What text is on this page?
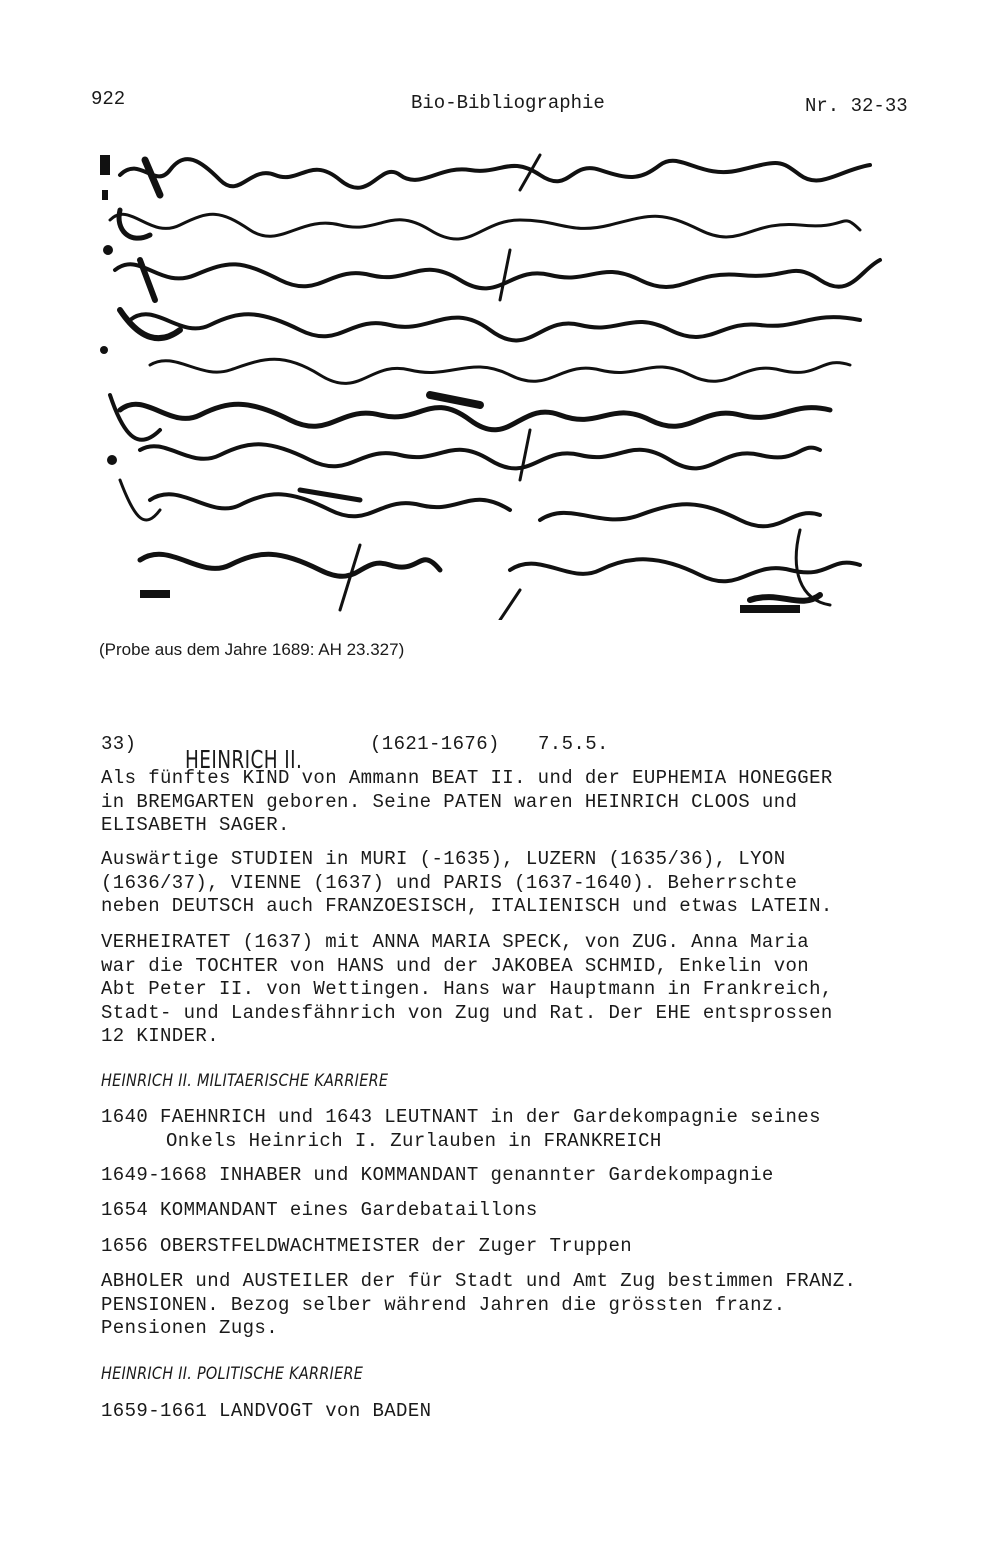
922	Bio-Bibliographie	Nr. 32-33
(Probe aus dem Jahre 1689: AH 23.327)
33)

HEINRICH II.

(1621-1676) 7.5.5.
Als fünftes KIND von Ammann BEAT II. und der EUPHEMIA HONEGGER
in BREMGARTEN geboren. Seine PATEN waren HEINRICH CLOOS und
ELISABETH SAGER.
Auswärtige STUDIEN in MURI (-1635), LUZERN (1635/36), LYON
(1636/37), VIENNE (1637) und PARIS (1637-1640). Beherrschte
neben DEUTSCH auch FRANZOESISCH, ITALIENISCH und etwas LATEIN.
VERHEIRATET (1637) mit ANNA MARIA SPECK, von ZUG. Anna Maria
war die TOCHTER von HANS und der JAKOBEA SCHMID, Enkelin von
Abt Peter II. von Wettingen. Hans war Hauptmann in Frankreich,
Stadt- und Landesfähnrich von Zug und Rat. Der EHE entsprossen
12 KINDER.
HEINRICH II. MILITAERISCHE KARRIERE
1640 FAEHNRICH und 1643 LEUTNANT in der Gardekompagnie seines
Onkels Heinrich I. Zurlauben in FRANKREICH
1649-1668 INHABER und KOMMANDANT genannter Gardekompagnie
1654 KOMMANDANT eines Gardebataillons
1656 OBERSTFELDWACHTMEISTER der Zuger Truppen
ABHOLER und AUSTEILER der für Stadt und Amt Zug bestimmen FRANZ.
PENSIONEN. Bezog selber während Jahren die grössten franz.
Pensionen Zugs.
HEINRICH II. POLITISCHE KARRIERE
1659-1661 LANDVOGT von BADEN
